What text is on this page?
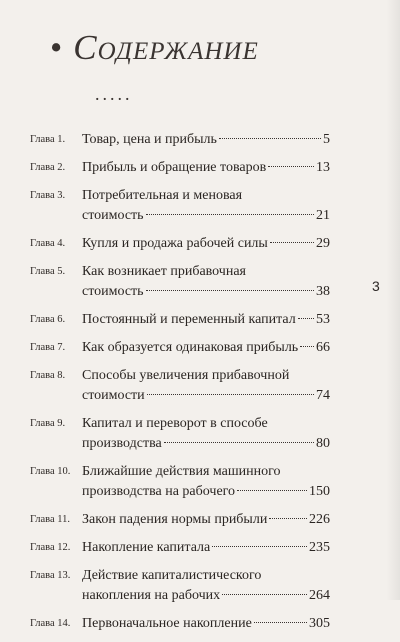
• Содержание
.....
3
Глава 1.	Товар, цена и прибыль	5
Глава 2.	Прибыль и обращение товаров	13
Глава 3.	Потребительная и меновая
стоимость	21
Глава 4.	Купля и продажа рабочей силы	29
Глава 5.	Как возникает прибавочная
стоимость	38
Глава 6.	Постоянный и переменный капитал 53
Глава 7.	Как образуется одинаковая прибыль 66
Глава 8.	Способы увеличения прибавочной
стоимости	74
Глава 9.	Капитал и переворот в способе
производства	80
Глава 10. Ближайшие действия машинного
производства на рабочего	150
Глава 11. Закон падения нормы прибыли	226
Глава 12. Накопление капитала	235
Глава 13. Действие капиталистического
накопления на рабочих	264
Глава 14. Первоначальное накопление	305
